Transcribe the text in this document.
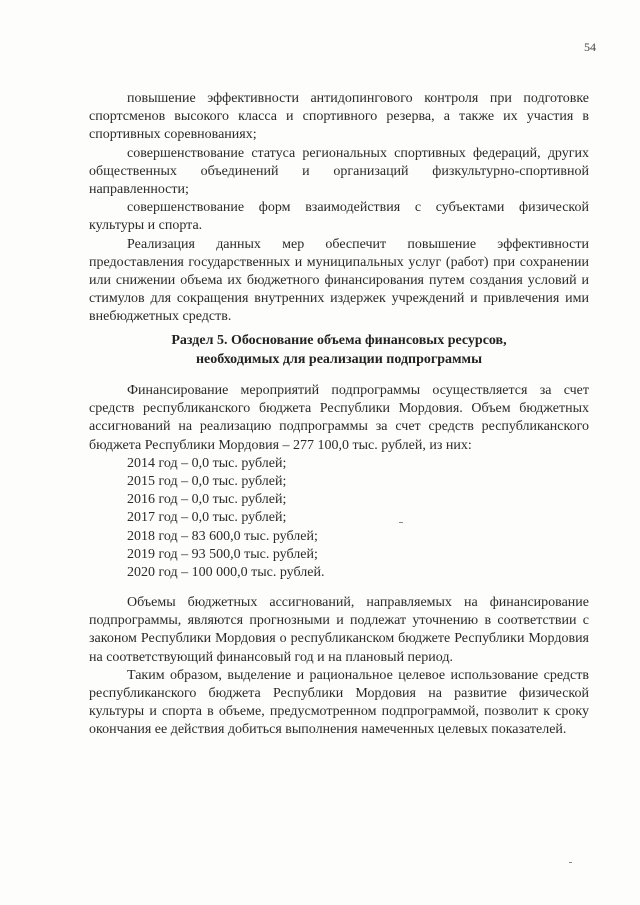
54

повышение эффективности антидопингового контроля при подготовке спортсменов высокого класса и спортивного резерва, а также их участия в спортивных соревнованиях;

совершенствование статуса региональных спортивных федераций, других общественных объединений и организаций физкультурно-спортивной направленности;

совершенствование форм взаимодействия с субъектами физической культуры и спорта.

Реализация данных мер обеспечит повышение эффективности предоставления государственных и муниципальных услуг (работ) при сохранении или снижении объема их бюджетного финансирования путем создания условий и стимулов для сокращения внутренних издержек учреждений и привлечения ими внебюджетных средств.

Раздел 5. Обоснование объема финансовых ресурсов,
необходимых для реализации подпрограммы

Финансирование мероприятий подпрограммы осуществляется за счет средств республиканского бюджета Республики Мордовия. Объем бюджетных ассигнований на реализацию подпрограммы за счет средств республиканского бюджета Республики Мордовия – 277 100,0 тыс. рублей, из них:

2014 год – 0,0 тыс. рублей;
2015 год – 0,0 тыс. рублей;
2016 год – 0,0 тыс. рублей;
2017 год – 0,0 тыс. рублей;
2018 год – 83 600,0 тыс. рублей;
2019 год – 93 500,0 тыс. рублей;
2020 год – 100 000,0 тыс. рублей.

Объемы бюджетных ассигнований, направляемых на финансирование подпрограммы, являются прогнозными и подлежат уточнению в соответствии с законом Республики Мордовия о республиканском бюджете Республики Мордовия на соответствующий финансовый год и на плановый период.

Таким образом, выделение и рациональное целевое использование средств республиканского бюджета Республики Мордовия на развитие физической культуры и спорта в объеме, предусмотренном подпрограммой, позволит к сроку окончания ее действия добиться выполнения намеченных целевых показателей.
